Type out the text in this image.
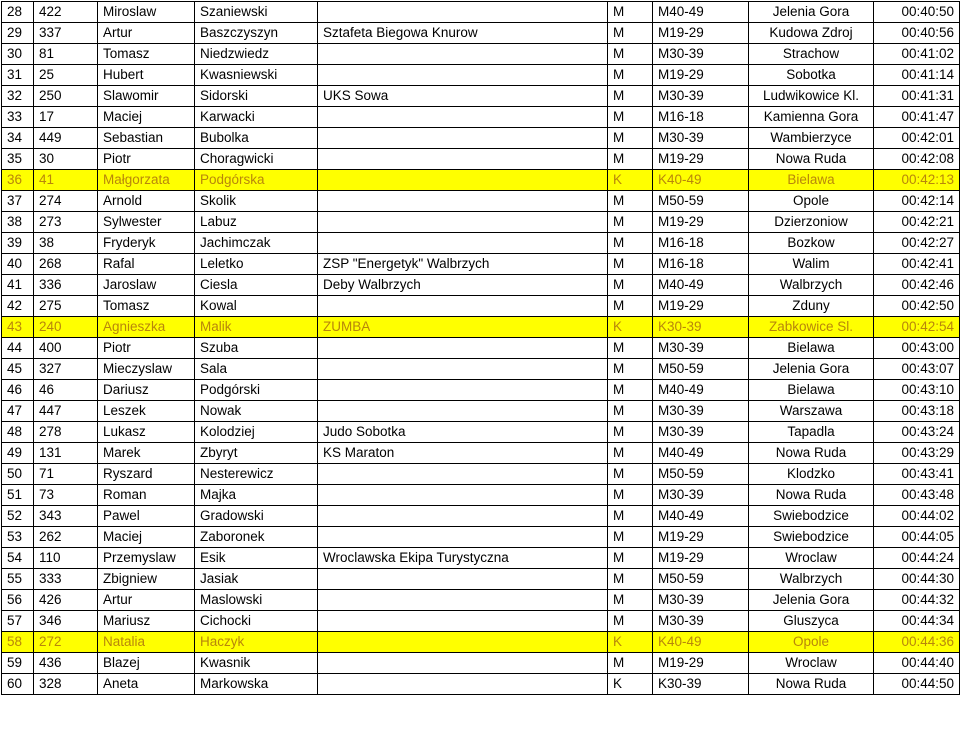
28	422	Miroslaw	Szaniewski		M	M40-49	Jelenia Gora	00:40:50
29	337	Artur	Baszczyszyn	Sztafeta Biegowa Knurow	M	M19-29	Kudowa Zdroj	00:40:56
30	81	Tomasz	Niedzwiedz		M	M30-39	Strachow	00:41:02
31	25	Hubert	Kwasniewski		M	M19-29	Sobotka	00:41:14
32	250	Slawomir	Sidorski	UKS Sowa	M	M30-39	Ludwikowice Kl.	00:41:31
33	17	Maciej	Karwacki		M	M16-18	Kamienna Gora	00:41:47
34	449	Sebastian	Bubolka		M	M30-39	Wambierzyce	00:42:01
35	30	Piotr	Choragwicki		M	M19-29	Nowa Ruda	00:42:08
36	41	Małgorzata	Podgórska		K	K40-49	Bielawa	00:42:13
37	274	Arnold	Skolik		M	M50-59	Opole	00:42:14
38	273	Sylwester	Labuz		M	M19-29	Dzierzoniow	00:42:21
39	38	Fryderyk	Jachimczak		M	M16-18	Bozkow	00:42:27
40	268	Rafal	Leletko	ZSP "Energetyk" Walbrzych	M	M16-18	Walim	00:42:41
41	336	Jaroslaw	Ciesla	Deby Walbrzych	M	M40-49	Walbrzych	00:42:46
42	275	Tomasz	Kowal		M	M19-29	Zduny	00:42:50
43	240	Agnieszka	Malik	ZUMBA	K	K30-39	Zabkowice Sl.	00:42:54
44	400	Piotr	Szuba		M	M30-39	Bielawa	00:43:00
45	327	Mieczyslaw	Sala		M	M50-59	Jelenia Gora	00:43:07
46	46	Dariusz	Podgórski		M	M40-49	Bielawa	00:43:10
47	447	Leszek	Nowak		M	M30-39	Warszawa	00:43:18
48	278	Lukasz	Kolodziej	Judo Sobotka	M	M30-39	Tapadla	00:43:24
49	131	Marek	Zbyryt	KS Maraton	M	M40-49	Nowa Ruda	00:43:29
50	71	Ryszard	Nesterewicz		M	M50-59	Klodzko	00:43:41
51	73	Roman	Majka		M	M30-39	Nowa Ruda	00:43:48
52	343	Pawel	Gradowski		M	M40-49	Swiebodzice	00:44:02
53	262	Maciej	Zaboronek		M	M19-29	Swiebodzice	00:44:05
54	110	Przemyslaw	Esik	Wroclawska Ekipa Turystyczna	M	M19-29	Wroclaw	00:44:24
55	333	Zbigniew	Jasiak		M	M50-59	Walbrzych	00:44:30
56	426	Artur	Maslowski		M	M30-39	Jelenia Gora	00:44:32
57	346	Mariusz	Cichocki		M	M30-39	Gluszyca	00:44:34
58	272	Natalia	Haczyk		K	K40-49	Opole	00:44:36
59	436	Blazej	Kwasnik		M	M19-29	Wroclaw	00:44:40
60	328	Aneta	Markowska		K	K30-39	Nowa Ruda	00:44:50
